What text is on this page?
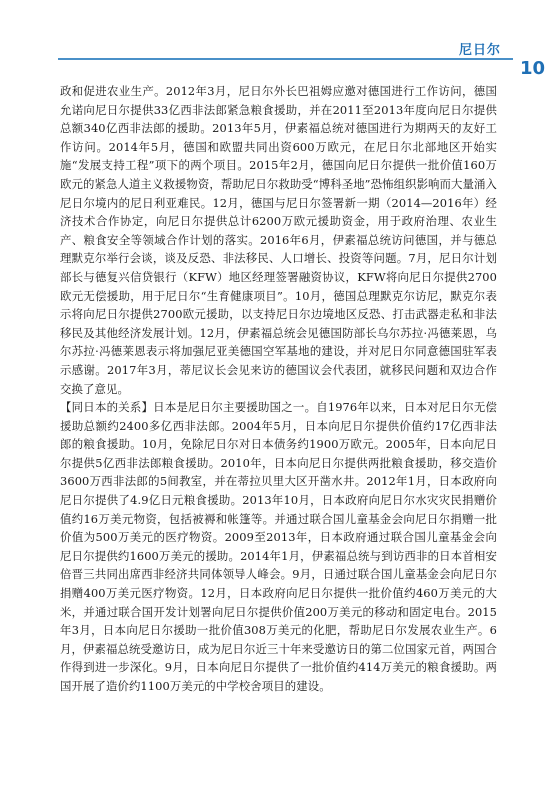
尼日尔
10

政和促进农业生产。2012年3月，尼日尔外长巴祖姆应邀对德国进行工作访问，德国允诺向尼日尔提供33亿西非法郎紧急粮食援助，并在2011至2013年度向尼日尔提供总额340亿西非法郎的援助。2013年5月，伊素福总统对德国进行为期两天的友好工作访问。2014年5月，德国和欧盟共同出资600万欧元，在尼日尔北部地区开始实施“发展支持工程”项下的两个项目。2015年2月，德国向尼日尔提供一批价值160万欧元的紧急人道主义救援物资，帮助尼日尔救助受“博科圣地”恐怖组织影响而大量涌入尼日尔境内的尼日利亚难民。12月，德国与尼日尔签署新一期（2014—2016年）经济技术合作协定，向尼日尔提供总计6200万欧元援助资金，用于政府治理、农业生产、粮食安全等领域合作计划的落实。2016年6月，伊素福总统访问德国，并与德总理默克尔举行会谈，谈及反恐、非法移民、人口增长、投资等问题。7月，尼日尔计划部长与德复兴信贷银行（KFW）地区经理签署融资协议，KFW将向尼日尔提供2700欧元无偿援助，用于尼日尔“生育健康项目”。10月，德国总理默克尔访尼，默克尔表示将向尼日尔提供2700欧元援助，以支持尼日尔边境地区反恐、打击武器走私和非法移民及其他经济发展计划。12月，伊素福总统会见德国防部长乌尔苏拉·冯德莱恩，乌尔苏拉·冯德莱恩表示将加强尼亚美德国空军基地的建设，并对尼日尔同意德国驻军表示感谢。2017年3月，蒂尼议长会见来访的德国议会代表团，就移民问题和双边合作交换了意见。

【同日本的关系】日本是尼日尔主要援助国之一。自1976年以来，日本对尼日尔无偿援助总额约2400多亿西非法郎。2004年5月，日本向尼日尔提供价值约17亿西非法郎的粮食援助。10月，免除尼日尔对日本债务约1900万欧元。2005年，日本向尼日尔提供5亿西非法郎粮食援助。2010年，日本向尼日尔提供两批粮食援助，移交造价3600万西非法郎的5间教室，并在蒂拉贝里大区开凿水井。2012年1月，日本政府向尼日尔提供了4.9亿日元粮食援助。2013年10月，日本政府向尼日尔水灾灾民捐赠价值约16万美元物资，包括被褥和帐篷等。并通过联合国儿童基金会向尼日尔捐赠一批价值为500万美元的医疗物资。2009至2013年，日本政府通过联合国儿童基金会向尼日尔提供约1600万美元的援助。2014年1月，伊素福总统与到访西非的日本首相安倍晋三共同出席西非经济共同体领导人峰会。9月，日通过联合国儿童基金会向尼日尔捐赠400万美元医疗物资。12月，日本政府向尼日尔提供一批价值约460万美元的大米，并通过联合国开发计划署向尼日尔提供价值200万美元的移动和固定电台。2015年3月，日本向尼日尔援助一批价值308万美元的化肥，帮助尼日尔发展农业生产。6月，伊素福总统受邀访日，成为尼日尔近三十年来受邀访日的第二位国家元首，两国合作得到进一步深化。9月，日本向尼日尔提供了一批价值约414万美元的粮食援助。两国开展了造价约1100万美元的中学校舍项目的建设。
